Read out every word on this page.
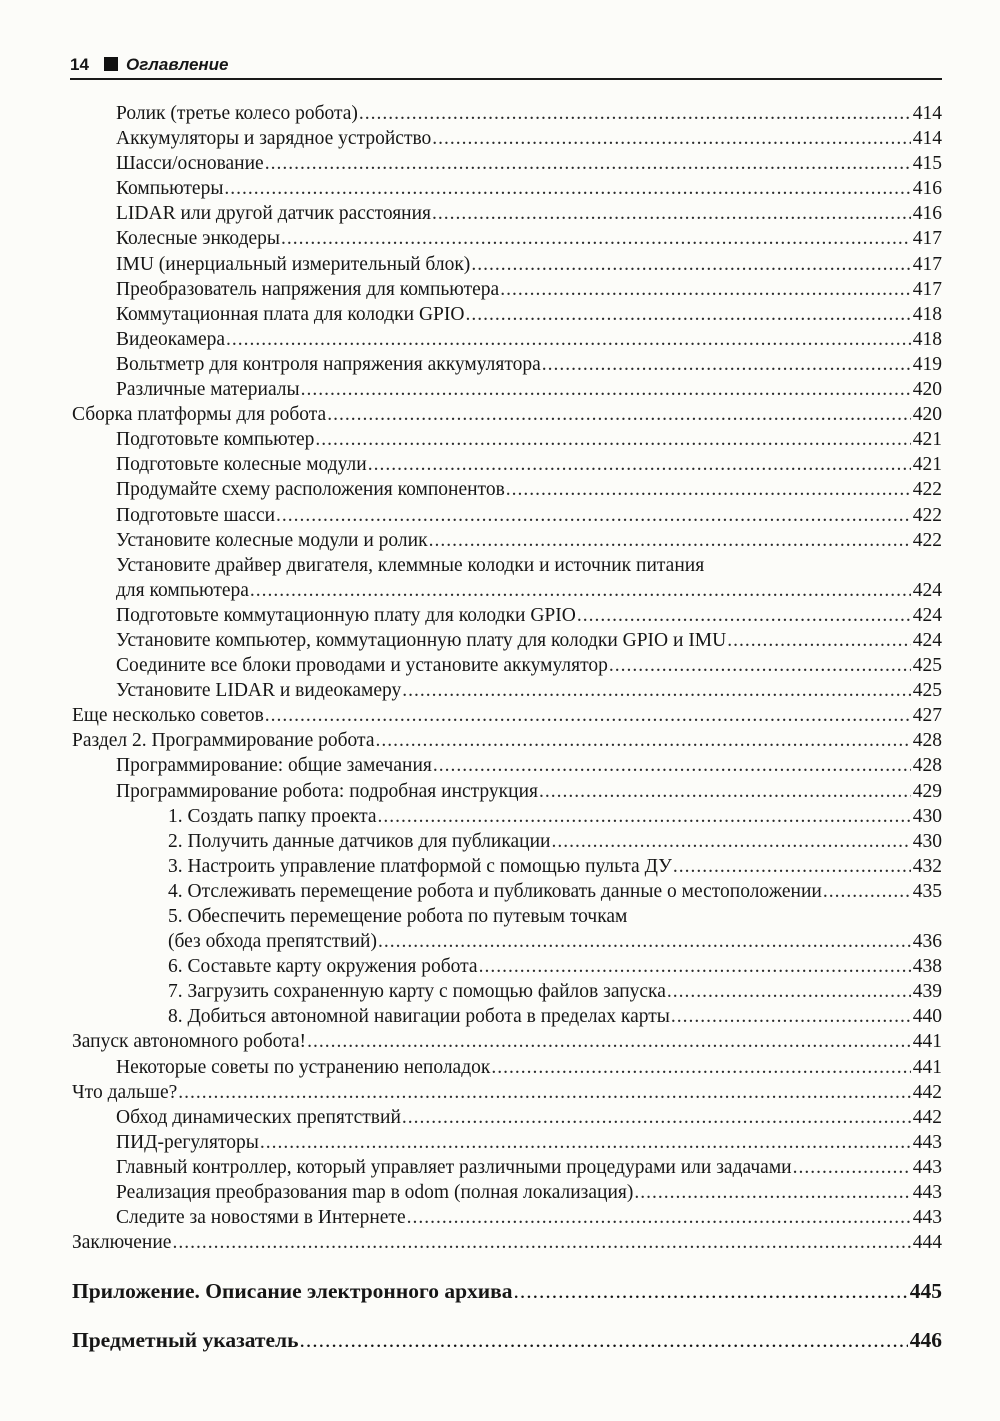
14 Оглавление
Ролик (третье колесо робота) .....	414
Аккумуляторы и зарядное устройство .....	414
Шасси/основание .....	415
Компьютеры .....	416
LIDAR или другой датчик расстояния .....	416
Колесные энкодеры .....	417
IMU (инерциальный измерительный блок) .....	417
Преобразователь напряжения для компьютера .....	417
Коммутационная плата для колодки GPIO .....	418
Видеокамера .....	418
Вольтметр для контроля напряжения аккумулятора .....	419
Различные материалы .....	420
Сборка платформы для робота .....	420
Подготовьте компьютер .....	421
Подготовьте колесные модули .....	421
Продумайте схему расположения компонентов .....	422
Подготовьте шасси .....	422
Установите колесные модули и ролик .....	422
Установите драйвер двигателя, клеммные колодки и источник питания
для компьютера .....	424
Подготовьте коммутационную плату для колодки GPIO .....	424
Установите компьютер, коммутационную плату для колодки GPIO и IMU .....	424
Соедините все блоки проводами и установите аккумулятор .....	425
Установите LIDAR и видеокамеру .....	425
Еще несколько советов .....	427
Раздел 2. Программирование робота .....	428
Программирование: общие замечания .....	428
Программирование робота: подробная инструкция .....	429
1. Создать папку проекта .....	430
2. Получить данные датчиков для публикации .....	430
3. Настроить управление платформой с помощью пульта ДУ .....	432
4. Отслеживать перемещение робота и публиковать данные о местоположении .....	435
5. Обеспечить перемещение робота по путевым точкам
(без обхода препятствий) .....	436
6. Составьте карту окружения робота .....	438
7. Загрузить сохраненную карту с помощью файлов запуска .....	439
8. Добиться автономной навигации робота в пределах карты .....	440
Запуск автономного робота! .....	441
Некоторые советы по устранению неполадок .....	441
Что дальше? .....	442
Обход динамических препятствий .....	442
ПИД-регуляторы .....	443
Главный контроллер, который управляет различными процедурами или задачами .....	443
Реализация преобразования map в odom (полная локализация) .....	443
Следите за новостями в Интернете .....	443
Заключение .....	444
Приложение. Описание электронного архива .....	445
Предметный указатель .....	446
